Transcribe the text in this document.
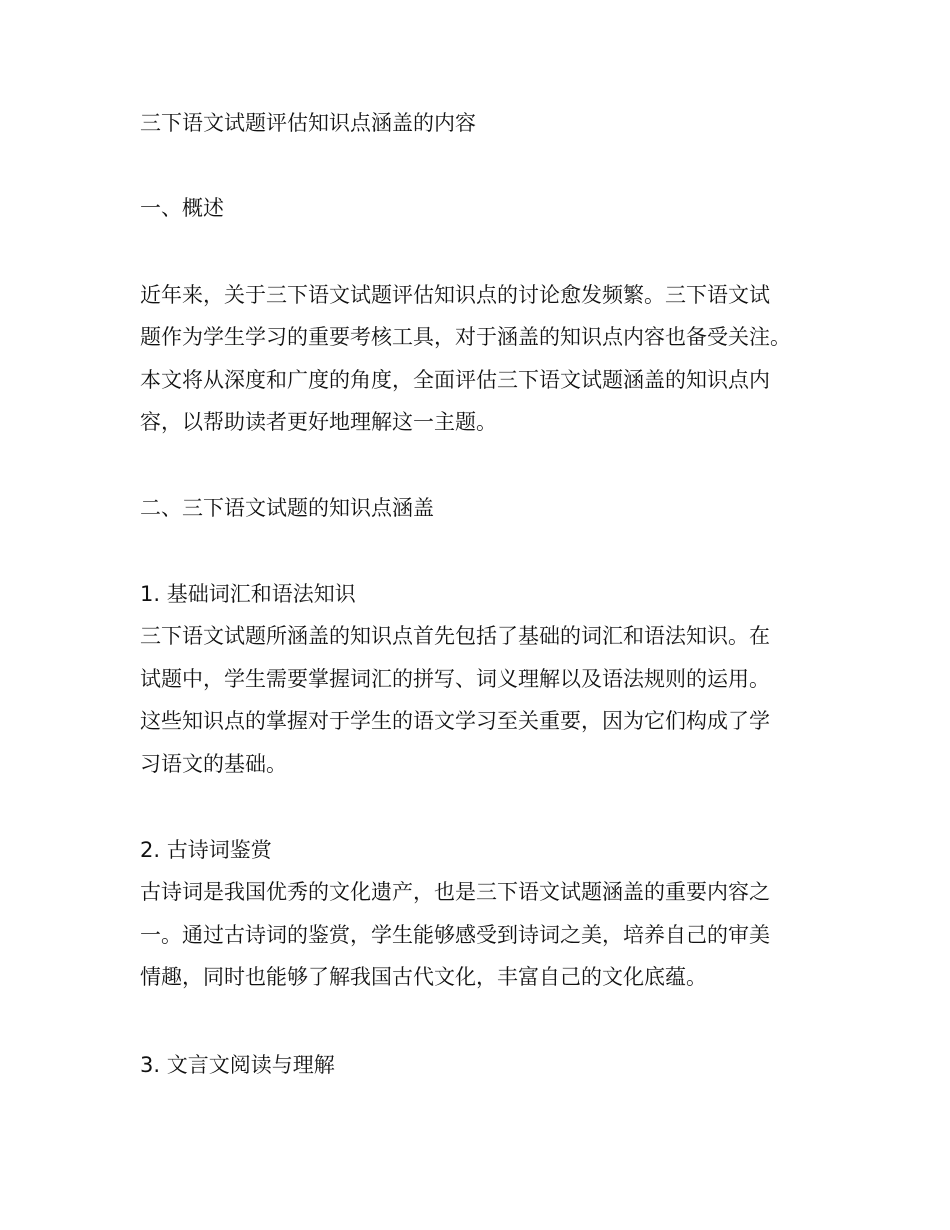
三下语文试题评估知识点涵盖的内容
一、概述
近年来，关于三下语文试题评估知识点的讨论愈发频繁。三下语文试
题作为学生学习的重要考核工具，对于涵盖的知识点内容也备受关注。
本文将从深度和广度的角度，全面评估三下语文试题涵盖的知识点内
容，以帮助读者更好地理解这一主题。
二、三下语文试题的知识点涵盖
1. 基础词汇和语法知识
三下语文试题所涵盖的知识点首先包括了基础的词汇和语法知识。在
试题中，学生需要掌握词汇的拼写、词义理解以及语法规则的运用。
这些知识点的掌握对于学生的语文学习至关重要，因为它们构成了学
习语文的基础。
2. 古诗词鉴赏
古诗词是我国优秀的文化遗产，也是三下语文试题涵盖的重要内容之
一。通过古诗词的鉴赏，学生能够感受到诗词之美，培养自己的审美
情趣，同时也能够了解我国古代文化，丰富自己的文化底蕴。
3. 文言文阅读与理解
